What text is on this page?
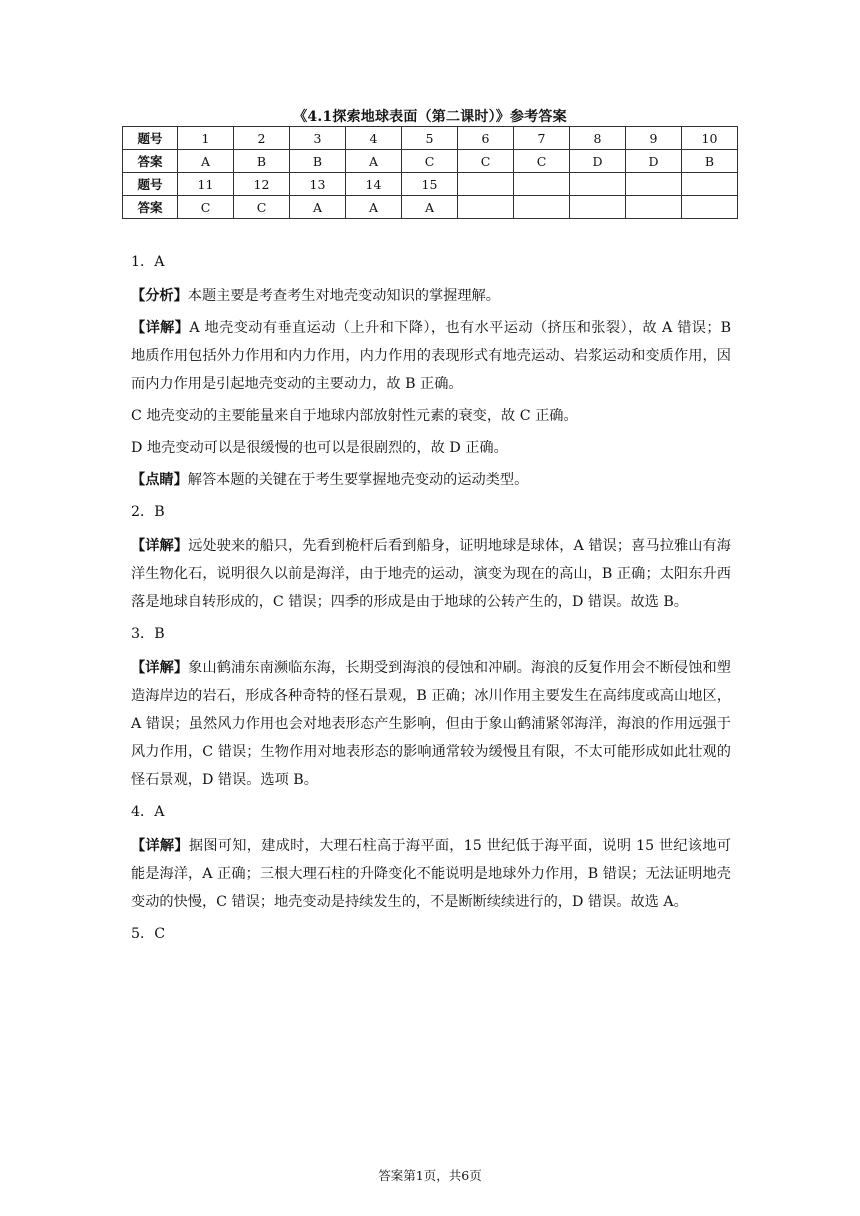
《4.1探索地球表面（第二课时）》参考答案
题号	1	2	3	4	5	6	7	8	9	10
答案	A	B	B	A	C	C	C	D	D	B
题号	11	12	13	14	15					
答案	C	C	A	A	A					

1．A

【分析】本题主要是考查考生对地壳变动知识的掌握理解。

【详解】A 地壳变动有垂直运动（上升和下降），也有水平运动（挤压和张裂），故 A 错误；B 地质作用包括外力作用和内力作用，内力作用的表现形式有地壳运动、岩浆运动和变质作用，因而内力作用是引起地壳变动的主要动力，故 B 正确。

C 地壳变动的主要能量来自于地球内部放射性元素的衰变，故 C 正确。

D 地壳变动可以是很缓慢的也可以是很剧烈的，故 D 正确。

【点睛】解答本题的关键在于考生要掌握地壳变动的运动类型。

2．B

【详解】远处驶来的船只，先看到桅杆后看到船身，证明地球是球体，A 错误；喜马拉雅山有海洋生物化石，说明很久以前是海洋，由于地壳的运动，演变为现在的高山，B 正确；太阳东升西落是地球自转形成的，C 错误；四季的形成是由于地球的公转产生的，D 错误。故选 B。

3．B

【详解】象山鹤浦东南濒临东海，长期受到海浪的侵蚀和冲刷。海浪的反复作用会不断侵蚀和塑造海岸边的岩石，形成各种奇特的怪石景观，B 正确；冰川作用主要发生在高纬度或高山地区，A 错误；虽然风力作用也会对地表形态产生影响，但由于象山鹤浦紧邻海洋，海浪的作用远强于风力作用，C 错误；生物作用对地表形态的影响通常较为缓慢且有限，不太可能形成如此壮观的怪石景观，D 错误。选项 B。

4．A

【详解】据图可知，建成时，大理石柱高于海平面，15 世纪低于海平面，说明 15 世纪该地可能是海洋，A 正确；三根大理石柱的升降变化不能说明是地球外力作用，B 错误；无法证明地壳变动的快慢，C 错误；地壳变动是持续发生的，不是断断续续进行的，D 错误。故选 A。

5．C

答案第1页，共6页
